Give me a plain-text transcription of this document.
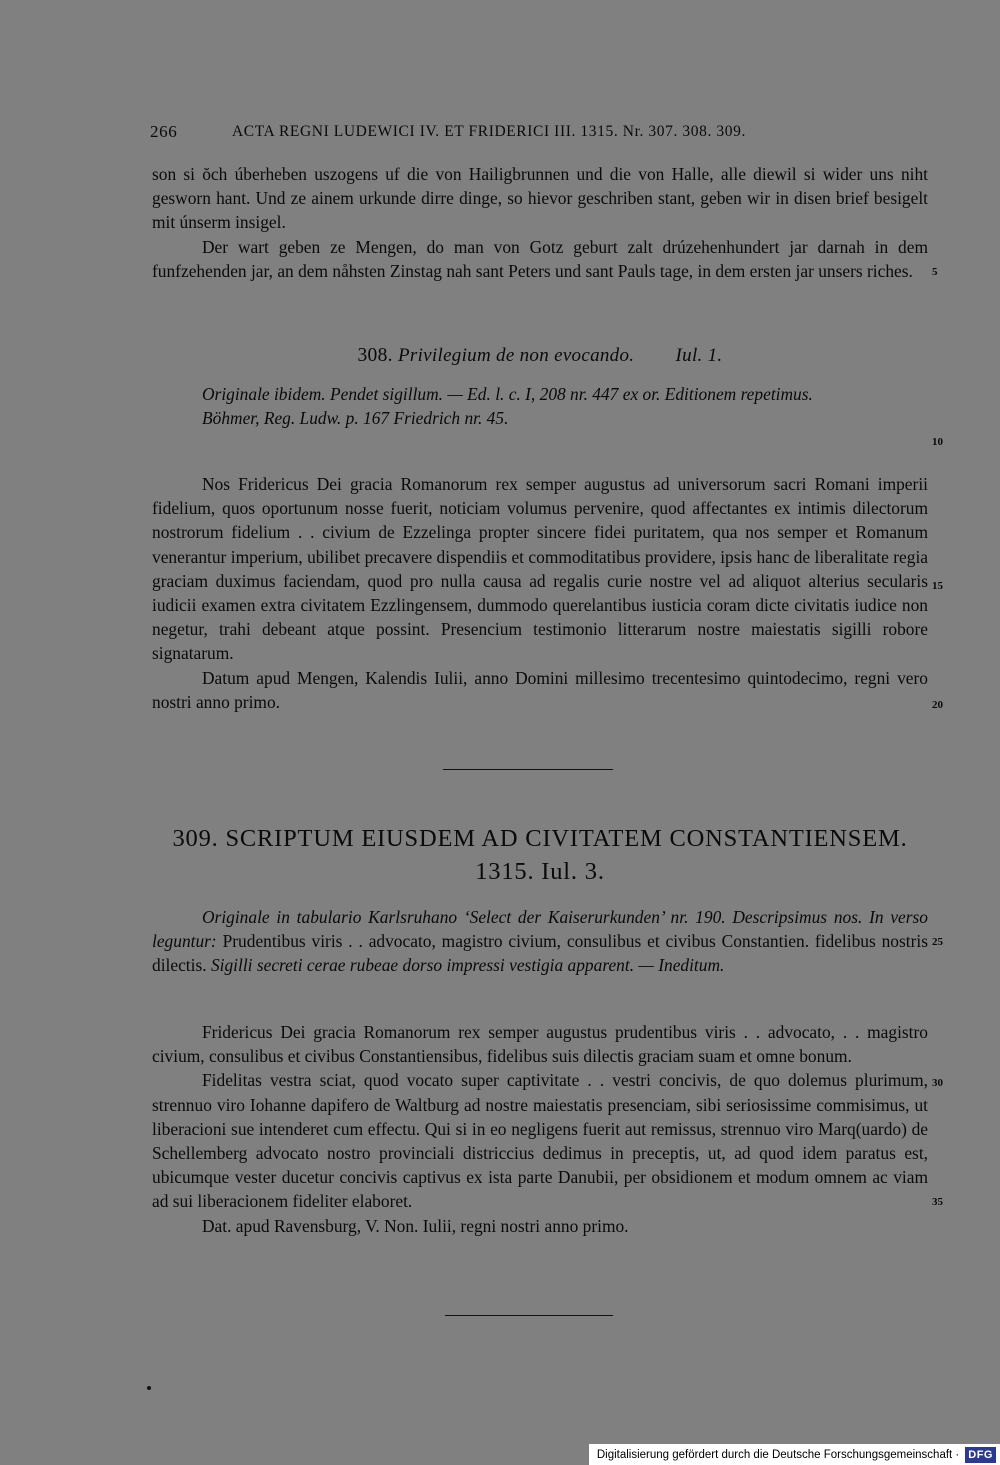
266	ACTA REGNI LUDEWICI IV. ET FRIDERICI III. 1315. Nr. 307. 308. 309.

son si ŏch úberheben uszogens uf die von Hailigbrunnen und die von Halle, alle diewil si wider uns niht gesworn hant. Und ze ainem urkunde dirre dinge, so hievor geschriben stant, geben wir in disen brief besigelt mit únserm insigel.

Der wart geben ze Mengen, do man von Gotz geburt zalt drúzehenhundert jar darnah in dem funfzehenden jar, an dem nåhsten Zinstag nah sant Peters und sant Pauls tage, in dem ersten jar unsers riches.

308. Privilegium de non evocando. Iul. 1.

Originale ibidem. Pendet sigillum. — Ed. l. c. I, 208 nr. 447 ex or. Editionem repetimus.

Böhmer, Reg. Ludw. p. 167 Friedrich nr. 45.

Nos Fridericus Dei gracia Romanorum rex semper augustus ad universorum sacri Romani imperii fidelium, quos oportunum nosse fuerit, noticiam volumus pervenire, quod affectantes ex intimis dilectorum nostrorum fidelium . . civium de Ezzelinga propter sincere fidei puritatem, qua nos semper et Romanum venerantur imperium, ubilibet precavere dispendiis et commoditatibus providere, ipsis hanc de liberalitate regia graciam duximus faciendam, quod pro nulla causa ad regalis curie nostre vel ad aliquot alterius secularis iudicii examen extra civitatem Ezzlingensem, dummodo querelantibus iusticia coram dicte civitatis iudice non negetur, trahi debeant atque possint. Presencium testimonio litterarum nostre maiestatis sigilli robore signatarum.

Datum apud Mengen, Kalendis Iulii, anno Domini millesimo trecentesimo quintodecimo, regni vero nostri anno primo.

309. SCRIPTUM EIUSDEM AD CIVITATEM CONSTANTIENSEM.

1315. Iul. 3.

Originale in tabulario Karlsruhano ‘Select der Kaiserurkunden’ nr. 190. Descripsimus nos. In verso leguntur: Prudentibus viris . . advocato, magistro civium, consulibus et civibus Constantien. fidelibus nostris dilectis. Sigilli secreti cerae rubeae dorso impressi vestigia apparent. — Ineditum.

Fridericus Dei gracia Romanorum rex semper augustus prudentibus viris . . advocato, . . magistro civium, consulibus et civibus Constantiensibus, fidelibus suis dilectis graciam suam et omne bonum.

Fidelitas vestra sciat, quod vocato super captivitate . . vestri concivis, de quo dolemus plurimum, strennuo viro Iohanne dapifero de Waltburg ad nostre maiestatis presenciam, sibi seriosissime commisimus, ut liberacioni sue intenderet cum effectu. Qui si in eo negligens fuerit aut remissus, strennuo viro Marq(uardo) de Schellemberg advocato nostro provinciali districcius dedimus in preceptis, ut, ad quod idem paratus est, ubicumque vester ducetur concivis captivus ex ista parte Danubii, per obsidionem et modum omnem ac viam ad sui liberacionem fideliter elaboret.

Dat. apud Ravensburg, V. Non. Iulii, regni nostri anno primo.

5
10
15
20
25
30
35
Digitalisierung gefördert durch die Deutsche Forschungsgemeinschaft · DFG
